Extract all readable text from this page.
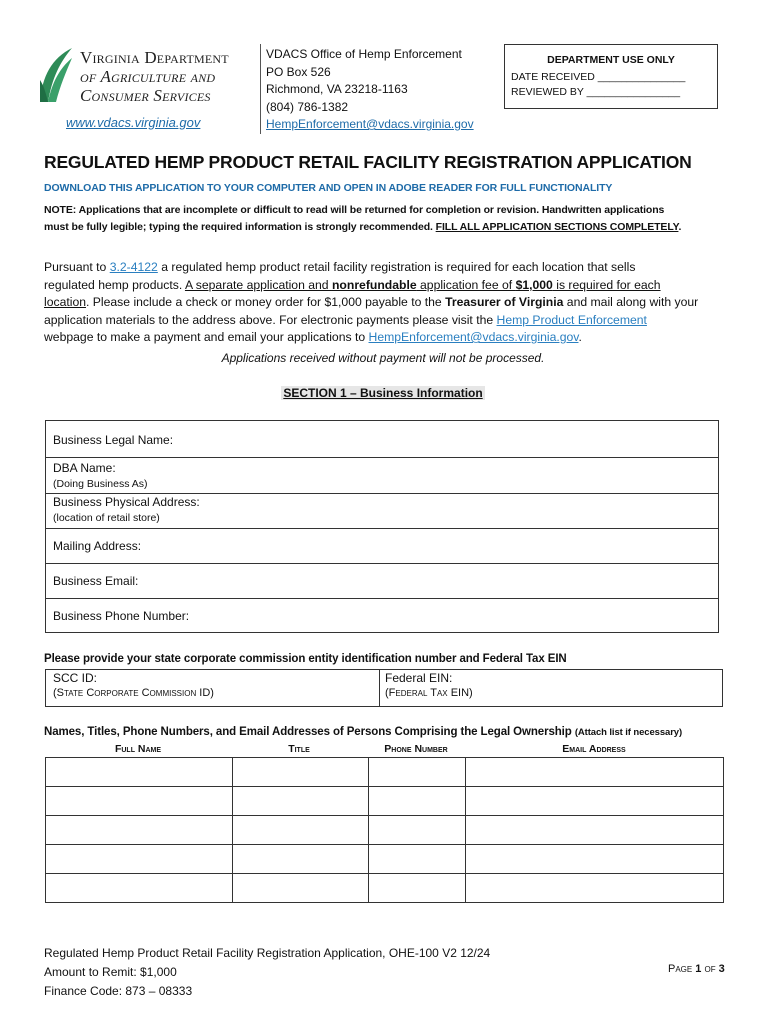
Virginia Department
of Agriculture and
Consumer Services
www.vdacs.virginia.gov
VDACS Office of Hemp Enforcement
PO Box 526
Richmond, VA 23218-1163
(804) 786-1382
HempEnforcement@vdacs.virginia.gov
DEPARTMENT USE ONLY
DATE RECEIVED _______________
REVIEWED BY ________________
REGULATED HEMP PRODUCT RETAIL FACILITY REGISTRATION APPLICATION
DOWNLOAD THIS APPLICATION TO YOUR COMPUTER AND OPEN IN ADOBE READER FOR FULL FUNCTIONALITY
NOTE: Applications that are incomplete or difficult to read will be returned for completion or revision. Handwritten applications
must be fully legible; typing the required information is strongly recommended. FILL ALL APPLICATION SECTIONS COMPLETELY.
Pursuant to 3.2-4122 a regulated hemp product retail facility registration is required for each location that sells
regulated hemp products. A separate application and nonrefundable application fee of $1,000 is required for each
location. Please include a check or money order for $1,000 payable to the Treasurer of Virginia and mail along with your
application materials to the address above. For electronic payments please visit the Hemp Product Enforcement
webpage to make a payment and email your applications to HempEnforcement@vdacs.virginia.gov.
Applications received without payment will not be processed.
SECTION 1 – Business Information
Business Legal Name:
DBA Name:
(Doing Business As)
Business Physical Address:
(location of retail store)
Mailing Address:
Business Email:
Business Phone Number:
Please provide your state corporate commission entity identification number and Federal Tax EIN
SCC ID:
(State Corporate Commission ID)
Federal EIN:
(Federal Tax EIN)
Names, Titles, Phone Numbers, and Email Addresses of Persons Comprising the Legal Ownership (Attach list if necessary)
Full Name	Title	Phone Number	Email Address

Regulated Hemp Product Retail Facility Registration Application, OHE-100 V2 12/24
Amount to Remit: $1,000
Finance Code: 873 – 08333
Page 1 of 3
